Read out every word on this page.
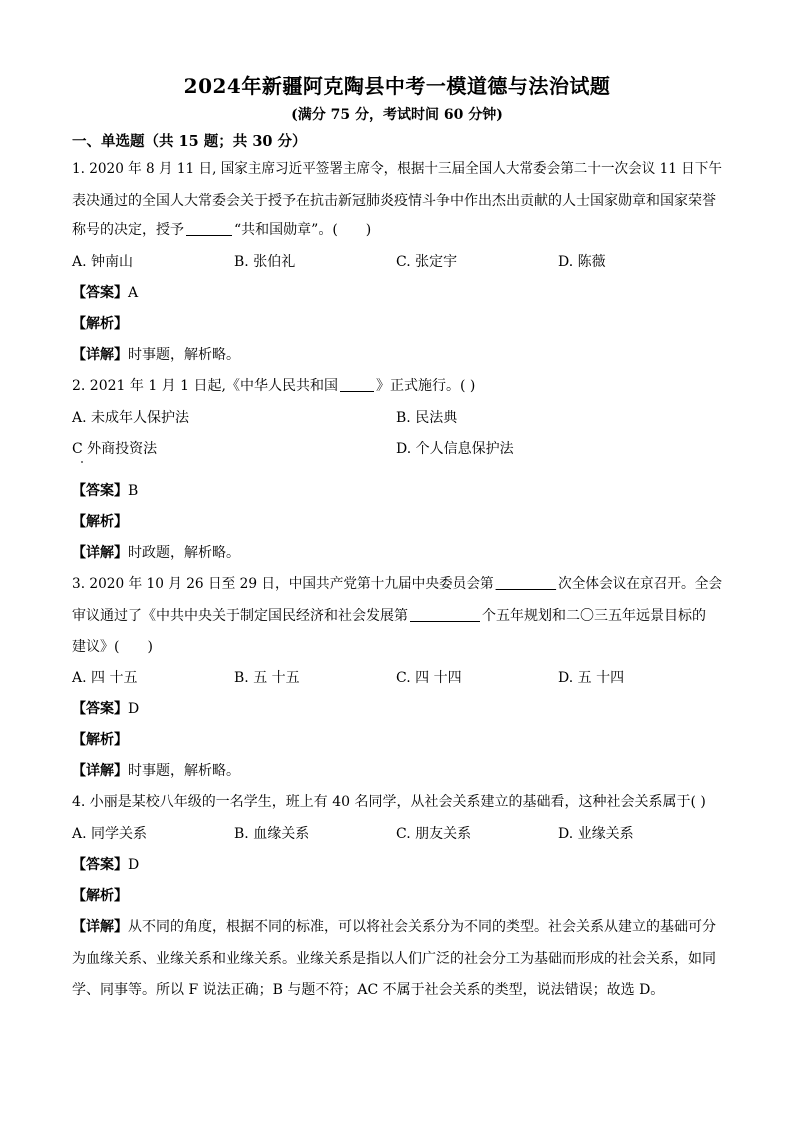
2024年新疆阿克陶县中考一模道德与法治试题
(满分 75 分，考试时间 60 分钟)
一、单选题（共 15 题；共 30 分）
1. 2020 年 8 月 11 日, 国家主席习近平签署主席令，根据十三届全国人大常委会第二十一次会议 11 日下午
表决通过的全国人大常委会关于授予在抗击新冠肺炎疫情斗争中作出杰出贡献的人士国家勋章和国家荣誉
称号的决定，授予	“共和国勋章”。(　　)
A. 钟南山	B. 张伯礼	C. 张定宇	D. 陈薇
【答案】A
【解析】
【详解】时事题，解析略。
2. 2021 年 1 月 1 日起,《中华人民共和国	》正式施行。( )
A. 未成年人保护法	B. 民法典
C 外商投资法	D. 个人信息保护法
【答案】B
【解析】
【详解】时政题，解析略。
3. 2020 年 10 月 26 日至 29 日，中国共产党第十九届中央委员会第	次全体会议在京召开。全会
审议通过了《中共中央关于制定国民经济和社会发展第	个五年规划和二〇三五年远景目标的
建议》(　　)
A. 四 十五	B. 五 十五	C. 四 十四	D. 五 十四
【答案】D
【解析】
【详解】时事题，解析略。
4. 小丽是某校八年级的一名学生，班上有 40 名同学，从社会关系建立的基础看，这种社会关系属于( )
A. 同学关系	B. 血缘关系	C. 朋友关系	D. 业缘关系
【答案】D
【解析】
【详解】从不同的角度，根据不同的标准，可以将社会关系分为不同的类型。社会关系从建立的基础可分
为血缘关系、业缘关系和业缘关系。业缘关系是指以人们广泛的社会分工为基础而形成的社会关系，如同
学、同事等。所以 F 说法正确；B 与题不符；AC 不属于社会关系的类型，说法错误；故选 D。
